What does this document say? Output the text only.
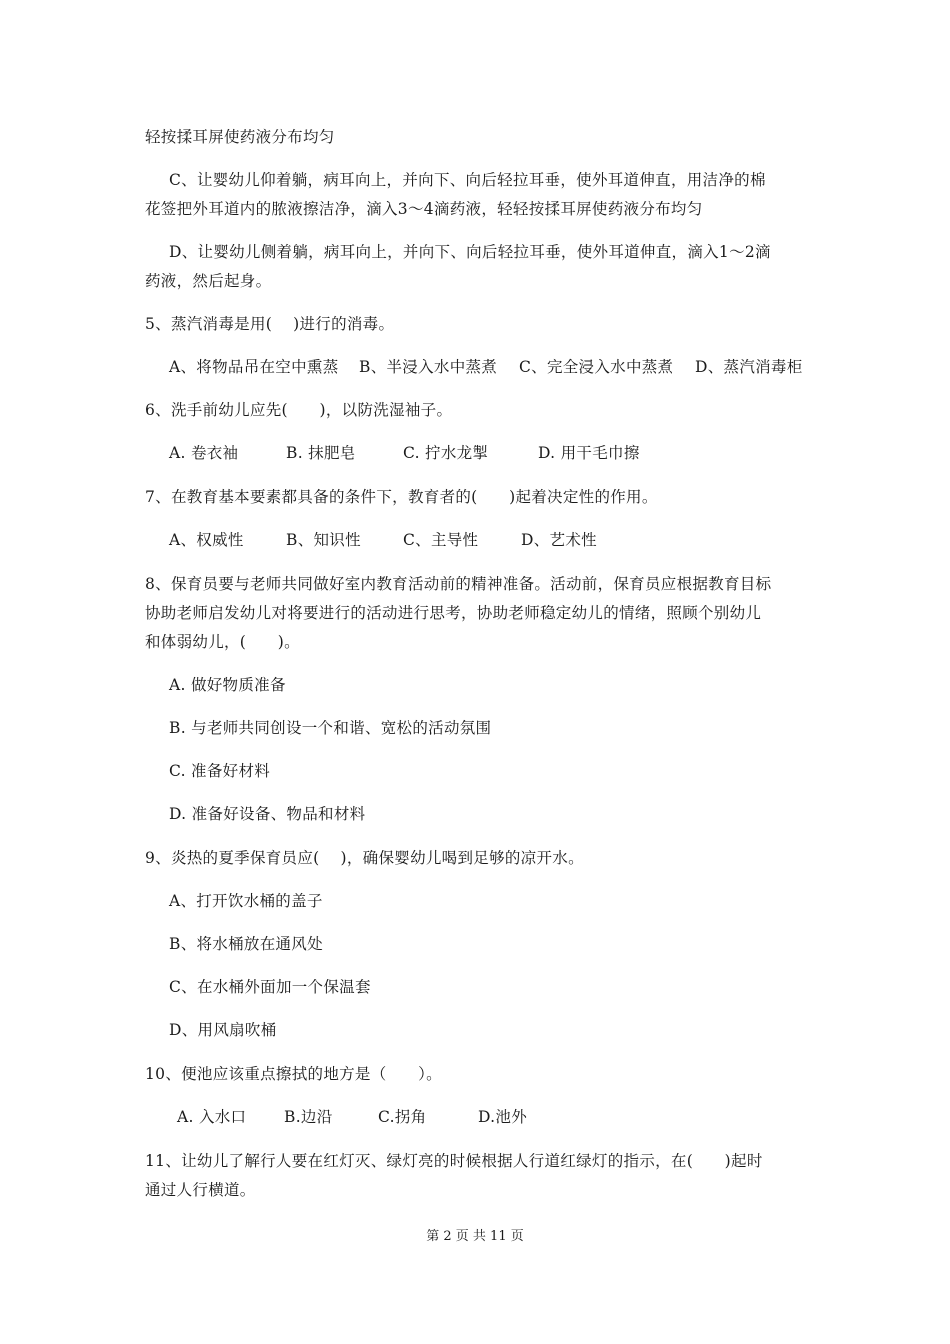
轻按揉耳屏使药液分布均匀
C、让婴幼儿仰着躺，病耳向上，并向下、向后轻拉耳垂，使外耳道伸直，用洁净的棉
花签把外耳道内的脓液擦洁净，滴入3～4滴药液，轻轻按揉耳屏使药液分布均匀
D、让婴幼儿侧着躺，病耳向上，并向下、向后轻拉耳垂，使外耳道伸直，滴入1～2滴
药液，然后起身。
5、蒸汽消毒是用(　 )进行的消毒。
A、将物品吊在空中熏蒸 B、半浸入水中蒸煮 C、完全浸入水中蒸煮 D、蒸汽消毒柜
6、洗手前幼儿应先(　　)，以防洗湿袖子。
A. 卷衣袖	B. 抹肥皂	C. 拧水龙掣	D. 用干毛巾擦
7、在教育基本要素都具备的条件下，教育者的(　　)起着决定性的作用。
A、权威性	B、知识性	C、主导性	D、艺术性
8、保育员要与老师共同做好室内教育活动前的精神准备。活动前，保育员应根据教育目标
协助老师启发幼儿对将要进行的活动进行思考，协助老师稳定幼儿的情绪，照顾个别幼儿
和体弱幼儿，(　　)。
A. 做好物质准备
B. 与老师共同创设一个和谐、宽松的活动氛围
C. 准备好材料
D. 准备好设备、物品和材料
9、炎热的夏季保育员应(　 )，确保婴幼儿喝到足够的凉开水。
A、打开饮水桶的盖子
B、将水桶放在通风处
C、在水桶外面加一个保温套
D、用风扇吹桶
10、便池应该重点擦拭的地方是（　　）。
A. 入水口 B.边沿	C.拐角	D.池外
11、让幼儿了解行人要在红灯灭、绿灯亮的时候根据人行道红绿灯的指示，在(　　)起时
通过人行横道。
第 2 页 共 11 页
